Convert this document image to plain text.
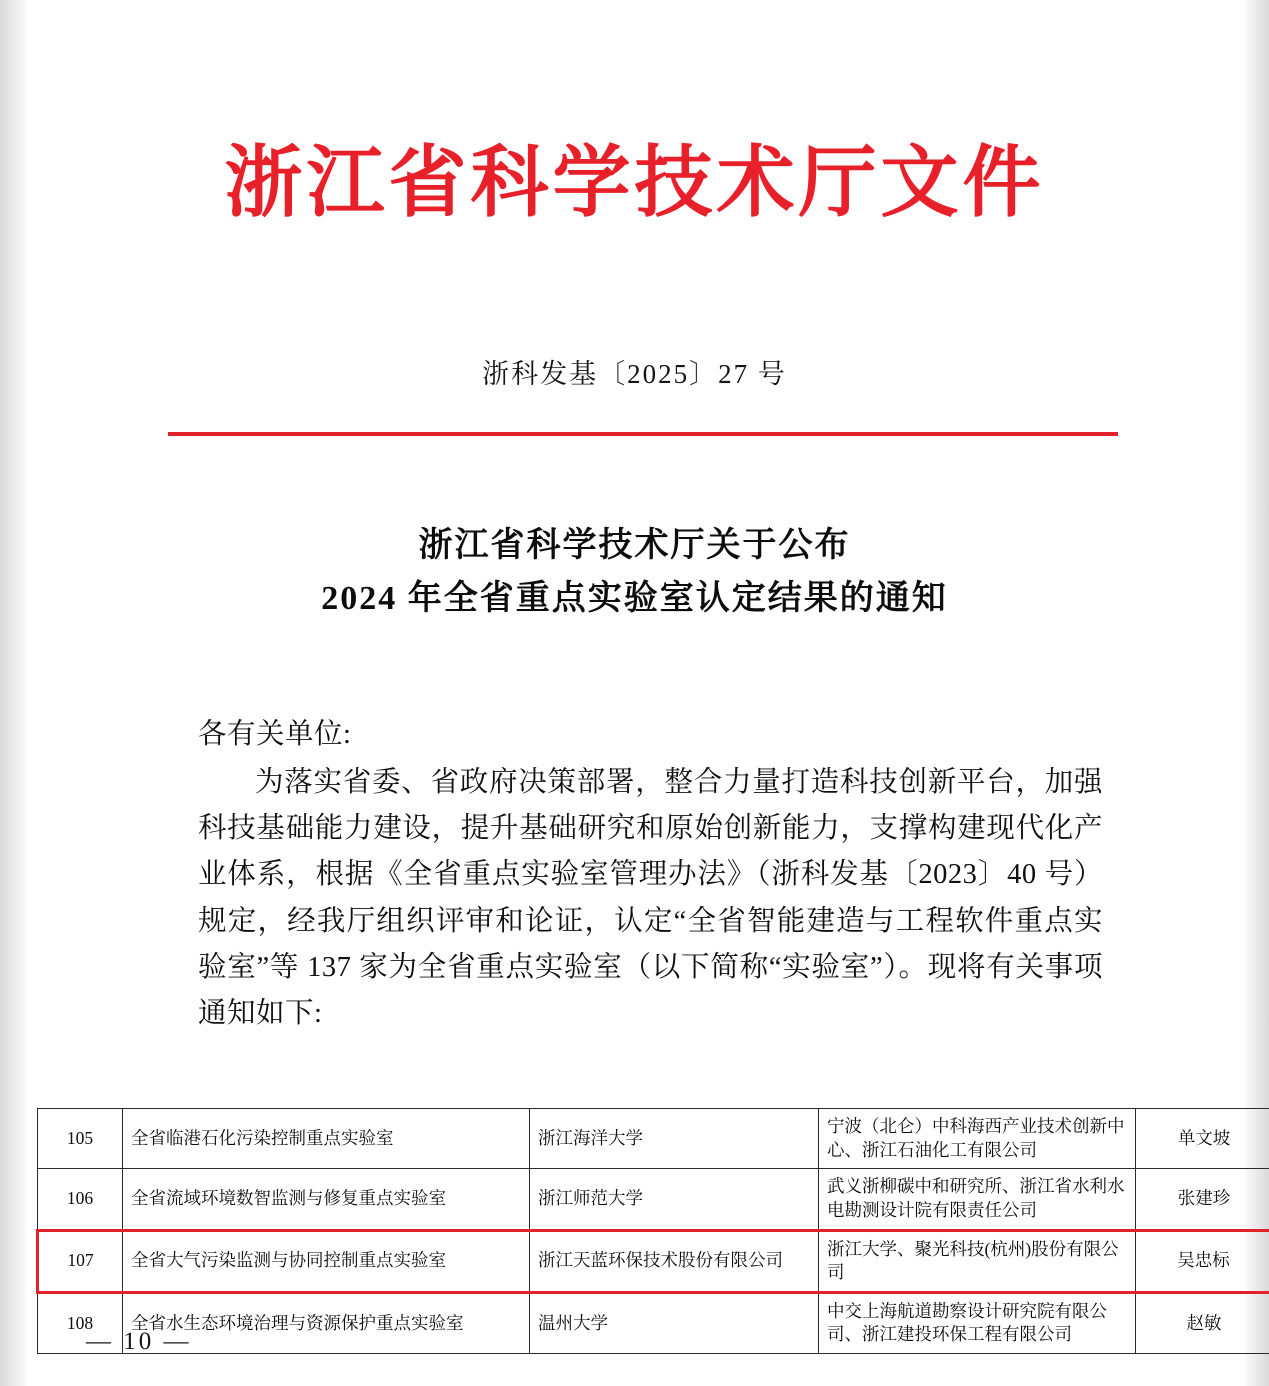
浙江省科学技术厅文件
浙科发基〔2025〕27 号
浙江省科学技术厅关于公布
2024 年全省重点实验室认定结果的通知

各有关单位:

为落实省委、省政府决策部署，整合力量打造科技创新平台，加强科技基础能力建设，提升基础研究和原始创新能力，支撑构建现代化产业体系，根据《全省重点实验室管理办法》（浙科发基〔2023〕40 号）规定，经我厅组织评审和论证，认定“全省智能建造与工程软件重点实验室”等 137 家为全省重点实验室（以下简称“实验室”）。现将有关事项通知如下:

105	全省临港石化污染控制重点实验室	浙江海洋大学	宁波（北仑）中科海西产业技术创新中心、浙江石油化工有限公司	单文坡
106	全省流域环境数智监测与修复重点实验室	浙江师范大学	武义浙柳碳中和研究所、浙江省水利水电勘测设计院有限责任公司	张建珍
107	全省大气污染监测与协同控制重点实验室	浙江天蓝环保技术股份有限公司	浙江大学、聚光科技(杭州)股份有限公司	吴忠标
108	全省水生态环境治理与资源保护重点实验室	温州大学	中交上海航道勘察设计研究院有限公司、浙江建投环保工程有限公司	赵敏
— 10 —
